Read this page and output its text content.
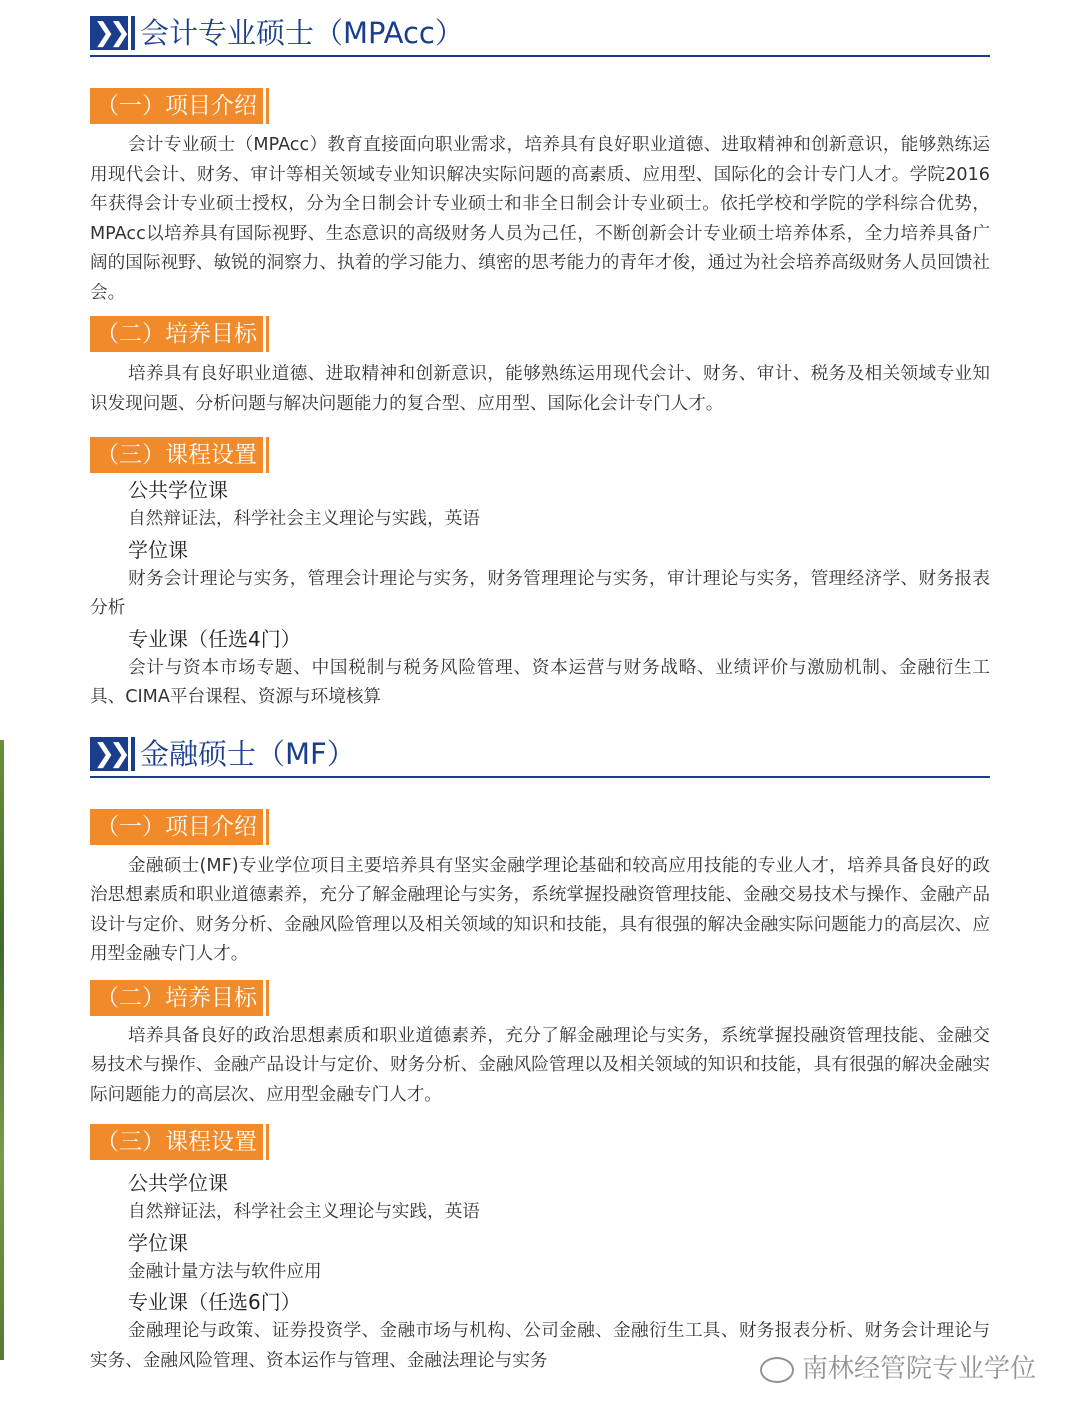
❯❯ 会计专业硕士（MPAcc）
（一）项目介绍

会计专业硕士（MPAcc）教育直接面向职业需求，培养具有良好职业道德、进取精神和创新意识，能够熟练运用现代会计、财务、审计等相关领域专业知识解决实际问题的高素质、应用型、国际化的会计专门人才。学院2016年获得会计专业硕士授权，分为全日制会计专业硕士和非全日制会计专业硕士。依托学校和学院的学科综合优势，MPAcc以培养具有国际视野、生态意识的高级财务人员为己任，不断创新会计专业硕士培养体系，全力培养具备广阔的国际视野、敏锐的洞察力、执着的学习能力、缜密的思考能力的青年才俊，通过为社会培养高级财务人员回馈社会。

（二）培养目标

培养具有良好职业道德、进取精神和创新意识，能够熟练运用现代会计、财务、审计、税务及相关领域专业知识发现问题、分析问题与解决问题能力的复合型、应用型、国际化会计专门人才。

（三）课程设置

公共学位课

自然辩证法，科学社会主义理论与实践，英语

学位课

财务会计理论与实务，管理会计理论与实务，财务管理理论与实务，审计理论与实务，管理经济学、财务报表分析

专业课（任选4门）

会计与资本市场专题、中国税制与税务风险管理、资本运营与财务战略、业绩评价与激励机制、金融衍生工具、CIMA平台课程、资源与环境核算

❯❯ 金融硕士（MF）
（一）项目介绍

金融硕士(MF)专业学位项目主要培养具有坚实金融学理论基础和较高应用技能的专业人才，培养具备良好的政治思想素质和职业道德素养，充分了解金融理论与实务，系统掌握投融资管理技能、金融交易技术与操作、金融产品设计与定价、财务分析、金融风险管理以及相关领域的知识和技能，具有很强的解决金融实际问题能力的高层次、应用型金融专门人才。

（二）培养目标

培养具备良好的政治思想素质和职业道德素养，充分了解金融理论与实务，系统掌握投融资管理技能、金融交易技术与操作、金融产品设计与定价、财务分析、金融风险管理以及相关领域的知识和技能，具有很强的解决金融实际问题能力的高层次、应用型金融专门人才。

（三）课程设置

公共学位课

自然辩证法，科学社会主义理论与实践，英语

学位课

金融计量方法与软件应用

专业课（任选6门）

金融理论与政策、证券投资学、金融市场与机构、公司金融、金融衍生工具、财务报表分析、财务会计理论与实务、金融风险管理、资本运作与管理、金融法理论与实务	南林经管院专业学位
